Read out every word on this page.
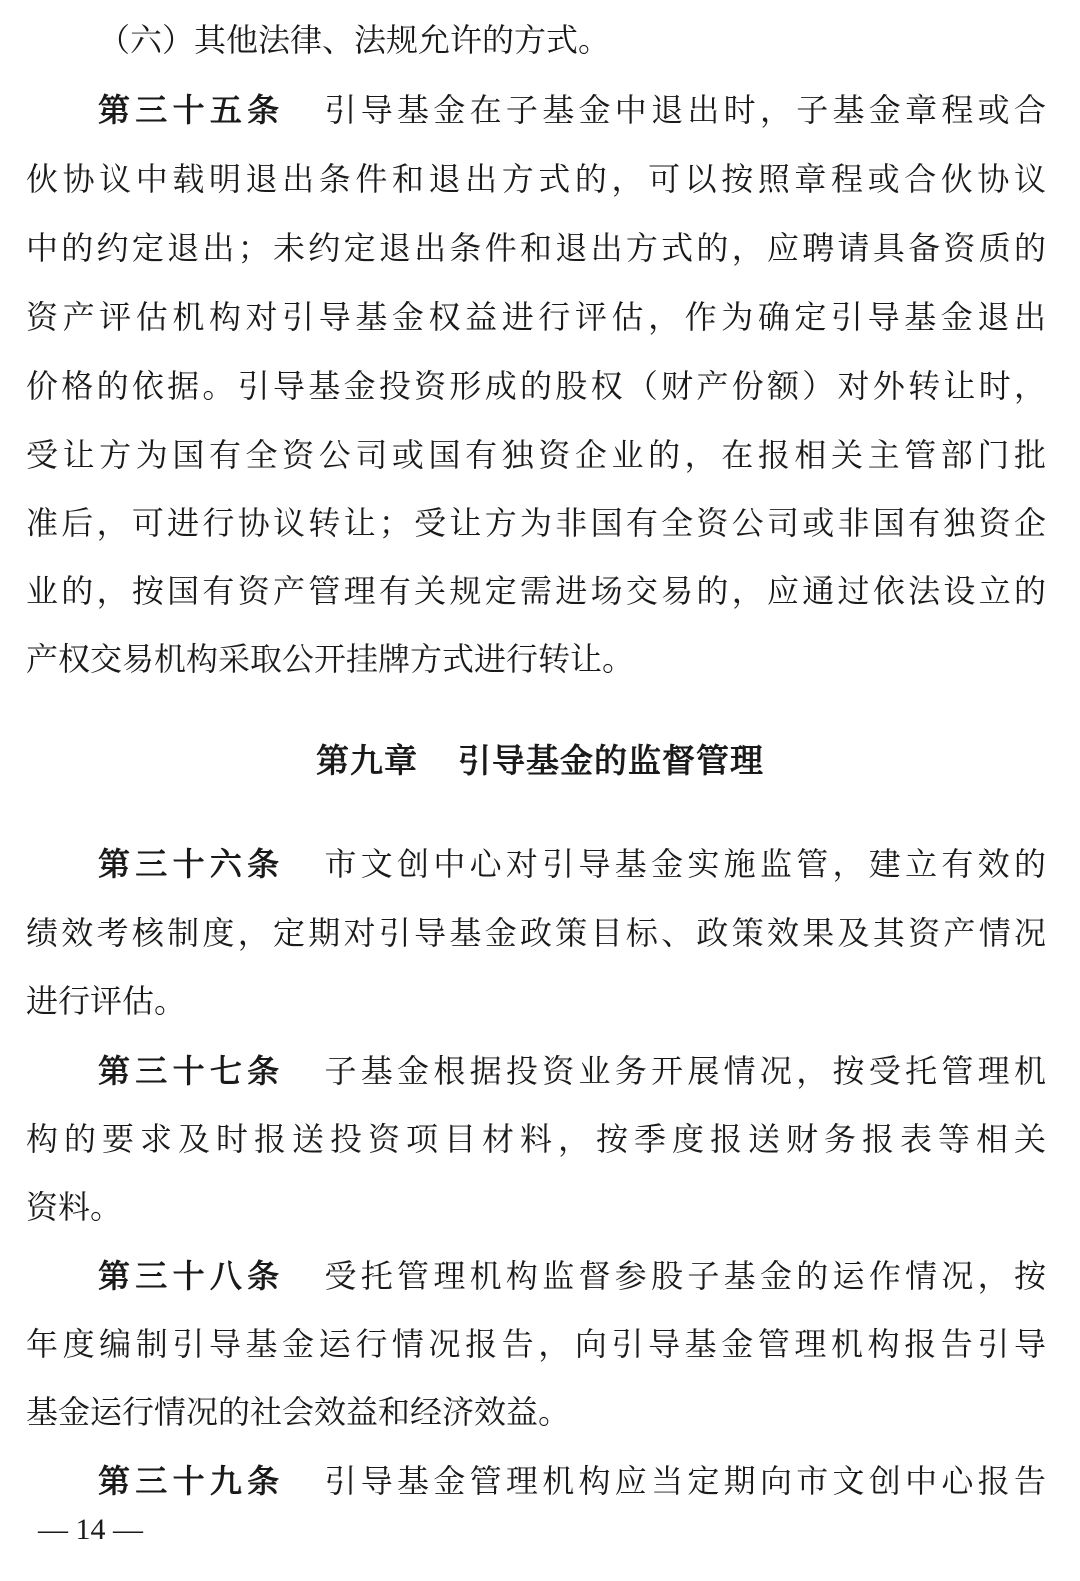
（六）其他法律、法规允许的方式。
第三十五条 引导基金在子基金中退出时，子基金章程或合
伙协议中载明退出条件和退出方式的，可以按照章程或合伙协议
中的约定退出；未约定退出条件和退出方式的，应聘请具备资质的
资产评估机构对引导基金权益进行评估，作为确定引导基金退出
价格的依据。引导基金投资形成的股权（财产份额）对外转让时，
受让方为国有全资公司或国有独资企业的，在报相关主管部门批
准后，可进行协议转让；受让方为非国有全资公司或非国有独资企
业的，按国有资产管理有关规定需进场交易的，应通过依法设立的
产权交易机构采取公开挂牌方式进行转让。
第九章 引导基金的监督管理
第三十六条 市文创中心对引导基金实施监管，建立有效的
绩效考核制度，定期对引导基金政策目标、政策效果及其资产情况
进行评估。
第三十七条 子基金根据投资业务开展情况，按受托管理机
构的要求及时报送投资项目材料，按季度报送财务报表等相关
资料。
第三十八条 受托管理机构监督参股子基金的运作情况，按
年度编制引导基金运行情况报告，向引导基金管理机构报告引导
基金运行情况的社会效益和经济效益。
第三十九条 引导基金管理机构应当定期向市文创中心报告
— 14 —
